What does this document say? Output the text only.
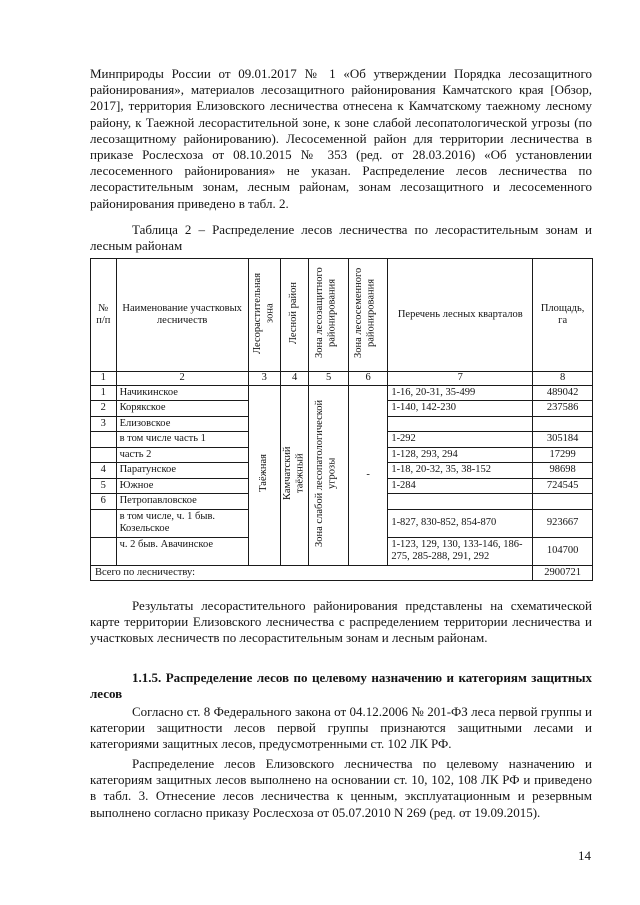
Минприроды России от 09.01.2017 № 1 «Об утверждении Порядка лесозащитного районирования», материалов лесозащитного районирования Камчатского края [Обзор, 2017], территория Елизовского лесничества отнесена к Камчатскому таежному лесному району, к Таежной лесорастительной зоне, к зоне слабой лесопатологической угрозы (по лесозащитному районированию). Лесосеменной район для территории лесничества в приказе Рослесхоза от 08.10.2015 № 353 (ред. от 28.03.2016) «Об установлении лесосеменного районирования» не указан. Распределение лесов лесничества по лесорастительным зонам, лесным районам, зонам лесозащитного и лесосеменного районирования приведено в табл. 2.

Таблица 2 – Распределение лесов лесничества по лесорастительным зонам и лесным районам

№ п/п	Наименование участковых лесничеств	Лесорастительная зона	Лесной район	Зона лесозащитного районирования	Зона лесосеменного районирования	Перечень лесных кварталов	Площадь, га
1	2	3	4	5	6	7	8
1	Начикинское	Таёжная	Камчатский таёжный	Зона слабой лесопатологической угрозы	-	1-16, 20-31, 35-499	489042
2	Корякское					1-140, 142-230	237586
3	Елизовское						
	в том числе часть 1					1-292	305184
	часть 2					1-128, 293, 294	17299
4	Паратунское					1-18, 20-32, 35, 38-152	98698
5	Южное					1-284	724545
6	Петропавловское						
	в том числе, ч. 1 быв. Козельское					1-827, 830-852, 854-870	923667
	ч. 2 быв. Авачинское					1-123, 129, 130, 133-146, 186-275, 285-288, 291, 292	104700
Всего по лесничеству:							2900721

Результаты лесорастительного районирования представлены на схематической карте территории Елизовского лесничества с распределением территории лесничества и участковых лесничеств по лесорастительным зонам и лесным районам.

1.1.5. Распределение лесов по целевому назначению и категориям защитных лесов

Согласно ст. 8 Федерального закона от 04.12.2006 № 201-ФЗ леса первой группы и категории защитности лесов первой группы признаются защитными лесами и категориями защитных лесов, предусмотренными ст. 102 ЛК РФ.

Распределение лесов Елизовского лесничества по целевому назначению и категориям защитных лесов выполнено на основании ст. 10, 102, 108 ЛК РФ и приведено в табл. 3. Отнесение лесов лесничества к ценным, эксплуатационным и резервным выполнено согласно приказу Рослесхоза от 05.07.2010 N 269 (ред. от 19.09.2015).

14
